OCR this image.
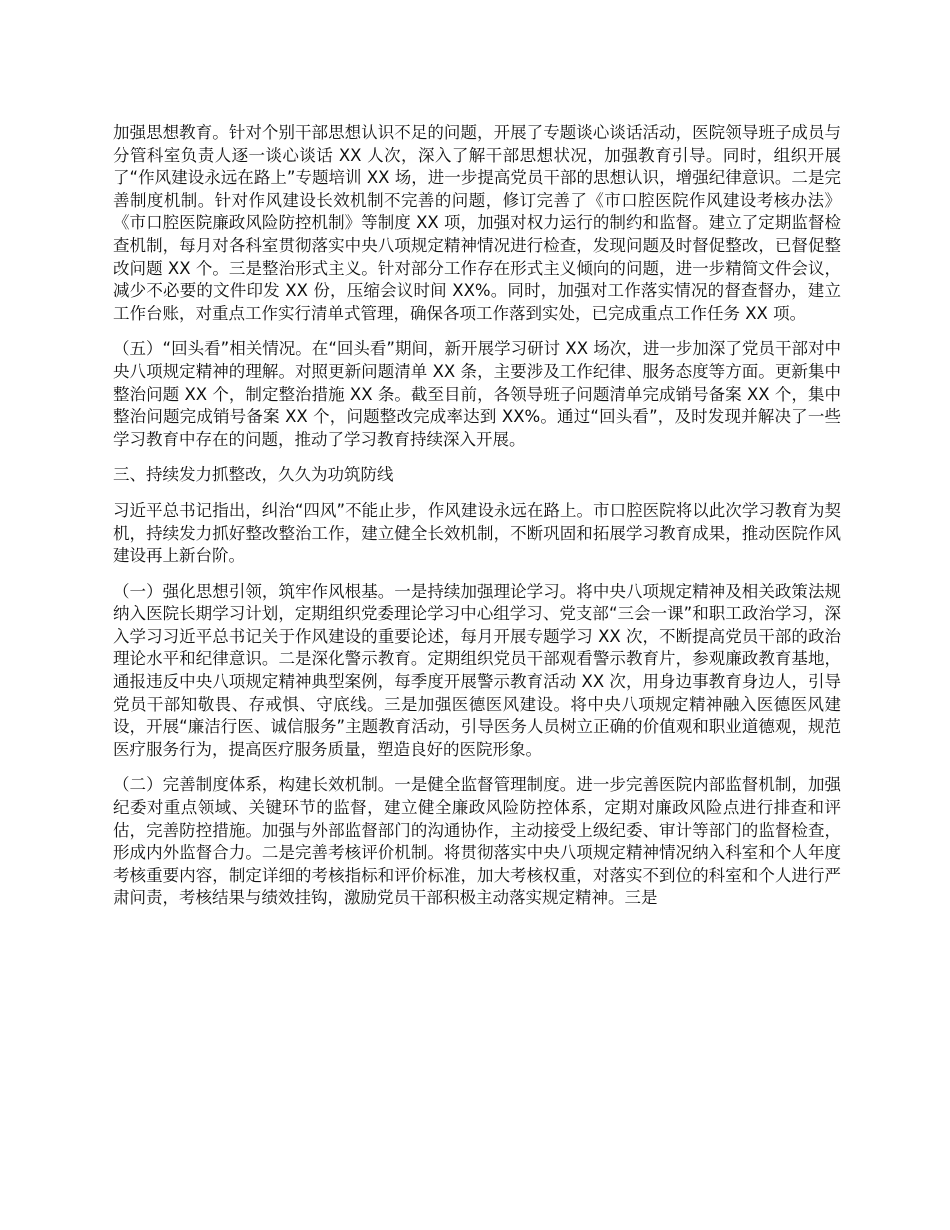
加强思想教育。针对个别干部思想认识不足的问题，开展了专题谈心谈话活动，医院领导班子成员与分管科室负责人逐一谈心谈话 XX 人次，深入了解干部思想状况，加强教育引导。同时，组织开展了“作风建设永远在路上”专题培训 XX 场，进一步提高党员干部的思想认识，增强纪律意识。二是完善制度机制。针对作风建设长效机制不完善的问题，修订完善了《市口腔医院作风建设考核办法》《市口腔医院廉政风险防控机制》等制度 XX 项，加强对权力运行的制约和监督。建立了定期监督检查机制，每月对各科室贯彻落实中央八项规定精神情况进行检查，发现问题及时督促整改，已督促整改问题 XX 个。三是整治形式主义。针对部分工作存在形式主义倾向的问题，进一步精简文件会议，减少不必要的文件印发 XX 份，压缩会议时间 XX%。同时，加强对工作落实情况的督查督办，建立工作台账，对重点工作实行清单式管理，确保各项工作落到实处，已完成重点工作任务 XX 项。

（五）“回头看”相关情况。在“回头看”期间，新开展学习研讨 XX 场次，进一步加深了党员干部对中央八项规定精神的理解。对照更新问题清单 XX 条，主要涉及工作纪律、服务态度等方面。更新集中整治问题 XX 个，制定整治措施 XX 条。截至目前，各领导班子问题清单完成销号备案 XX 个，集中整治问题完成销号备案 XX 个，问题整改完成率达到 XX%。通过“回头看”，及时发现并解决了一些学习教育中存在的问题，推动了学习教育持续深入开展。

三、持续发力抓整改，久久为功筑防线

习近平总书记指出，纠治“四风”不能止步，作风建设永远在路上。市口腔医院将以此次学习教育为契机，持续发力抓好整改整治工作，建立健全长效机制，不断巩固和拓展学习教育成果，推动医院作风建设再上新台阶。

（一）强化思想引领，筑牢作风根基。一是持续加强理论学习。将中央八项规定精神及相关政策法规纳入医院长期学习计划，定期组织党委理论学习中心组学习、党支部“三会一课”和职工政治学习，深入学习习近平总书记关于作风建设的重要论述，每月开展专题学习 XX 次，不断提高党员干部的政治理论水平和纪律意识。二是深化警示教育。定期组织党员干部观看警示教育片，参观廉政教育基地，通报违反中央八项规定精神典型案例，每季度开展警示教育活动 XX 次，用身边事教育身边人，引导党员干部知敬畏、存戒惧、守底线。三是加强医德医风建设。将中央八项规定精神融入医德医风建设，开展“廉洁行医、诚信服务”主题教育活动，引导医务人员树立正确的价值观和职业道德观，规范医疗服务行为，提高医疗服务质量，塑造良好的医院形象。

（二）完善制度体系，构建长效机制。一是健全监督管理制度。进一步完善医院内部监督机制，加强纪委对重点领域、关键环节的监督，建立健全廉政风险防控体系，定期对廉政风险点进行排查和评估，完善防控措施。加强与外部监督部门的沟通协作，主动接受上级纪委、审计等部门的监督检查，形成内外监督合力。二是完善考核评价机制。将贯彻落实中央八项规定精神情况纳入科室和个人年度考核重要内容，制定详细的考核指标和评价标准，加大考核权重，对落实不到位的科室和个人进行严肃问责，考核结果与绩效挂钩，激励党员干部积极主动落实规定精神。三是
